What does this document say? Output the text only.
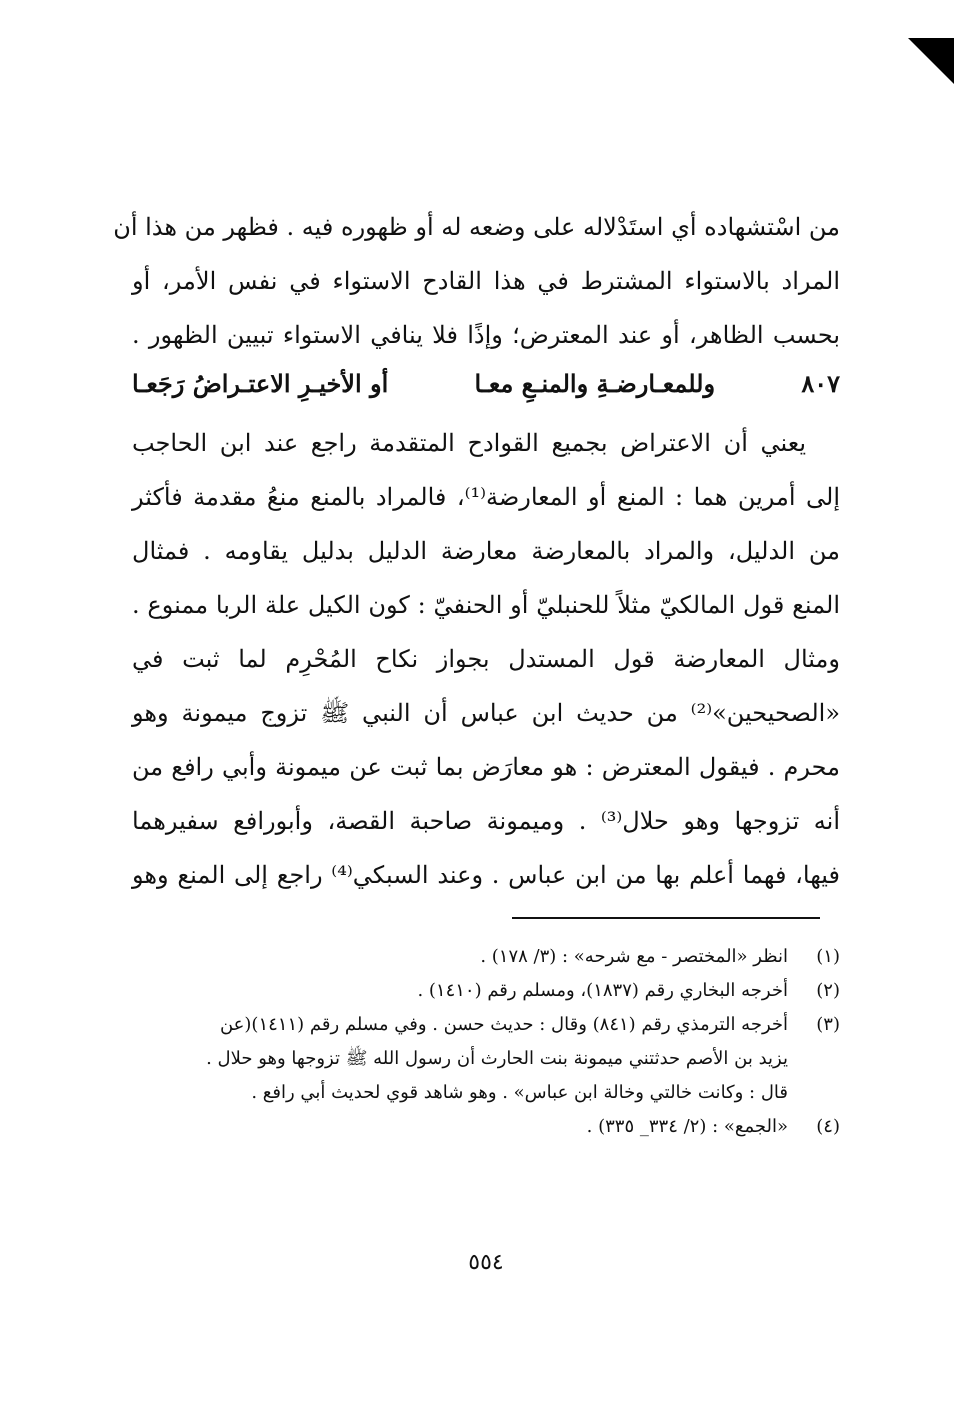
من اسْتشهاده أي استَدْلاله على وضعه له أو ظهوره فيه . فظهر من هذا أن
المراد بالاستواء المشترط في هذا القادح الاستواء في نفس الأمر، أو
بحسب الظاهر، أو عند المعترض؛ وإذًا فلا ينافي الاستواء تبيين الظهور .
٨٠٧
وللمعـارضـةِ والمنـعِ معـا
أو الأخيـرِ الاعتـراضُ رَجَعـا
يعني أن الاعتراض بجميع القوادح المتقدمة راجع عند ابن الحاجب
إلى أمرين هما : المنع أو المعارضة⁽¹⁾، فالمراد بالمنع منعُ مقدمة فأكثر
من الدليل، والمراد بالمعارضة معارضة الدليل بدليل يقاومه . فمثال
المنع قول المالكيّ مثلاً للحنبليّ أو الحنفيّ : كون الكيل علة الربا ممنوع .
ومثال المعارضة قول المستدل بجواز نكاح المُحْرِم لما ثبت في
«الصحيحين»⁽²⁾ من حديث ابن عباس أن النبي ﷺ تزوج ميمونة وهو
محرم . فيقول المعترض : هو معارَض بما ثبت عن ميمونة وأبي رافع من
أنه تزوجها وهو حلال⁽³⁾ . وميمونة صاحبة القصة، وأبورافع سفيرهما
فيها، فهما أعلم بها من ابن عباس . وعند السبكي⁽⁴⁾ راجع إلى المنع وهو
(١)
انظر «المختصر - مع شرحه» : (٣/ ١٧٨) .
(٢)
أخرجه البخاري رقم (١٨٣٧)، ومسلم رقم (١٤١٠) .
(٣)
أخرجه الترمذي رقم (٨٤١) وقال : حديث حسن . وفي مسلم رقم (١٤١١)(عن
يزيد بن الأصم حدثتني ميمونة بنت الحارث أن رسول الله ﷺ تزوجها وهو حلال .
قال : وكانت خالتي وخالة ابن عباس» . وهو شاهد قوي لحديث أبي رافع .
(٤)
«الجمع» : (٢/ ٣٣٤_ ٣٣٥) .
٥٥٤
